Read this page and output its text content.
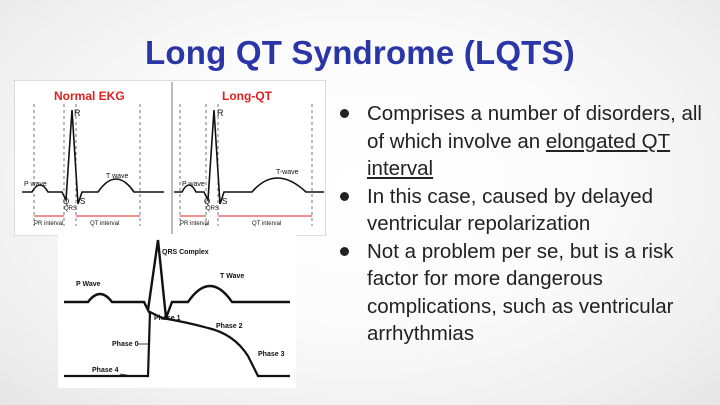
Long QT Syndrome (LQTS)
Normal EKG
R
P wave
T wave
Q S
QRS
PR interval	QT interval
Long-QT
R
P wave
T-wave
Q S
QRS
PR interval	QT interval
QRS Complex
P Wave
T Wave
Phase 1
Phase 2
Phase 0
Phase 3
Phase 4
Comprises a number of disorders, all of which involve an elongated QT interval
In this case, caused by delayed ventricular repolarization
Not a problem per se, but is a risk factor for more dangerous complications, such as ventricular arrhythmias
